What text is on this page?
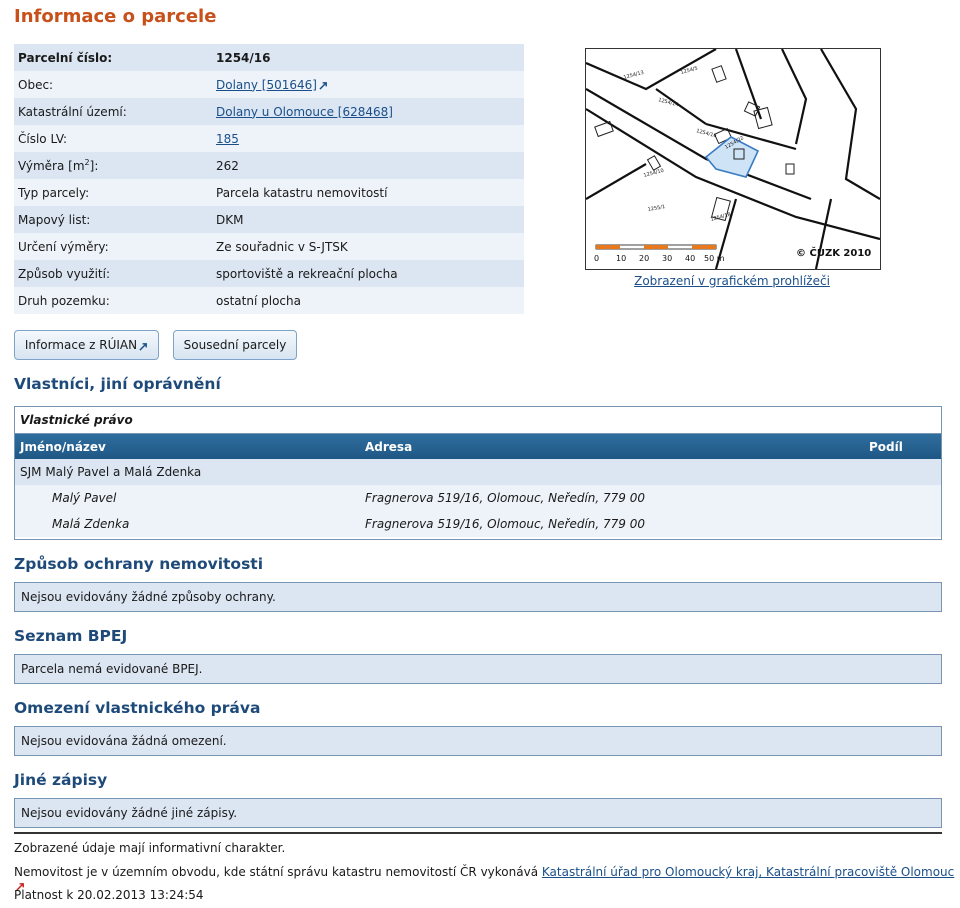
Informace o parcele
Parcelní číslo:	1254/16
Obec:	Dolany [501646]
Katastrální území:	Dolany u Olomouce [628468]
Číslo LV:	185
Výměra $[m^2]$:	262
Typ parcely:	Parcela katastru nemovitostí
Mapový list:	DKM
Určení výměry:	Ze souřadnic v S-JTSK
Způsob využití:	sportoviště a rekreační plocha
Druh pozemku:	ostatní plocha
1254/13	1254/5
1254/14
1254/16
1254/22
1254/10
1255/1
1254/18
© ČÚZK 2010
0 10 20 30 40 50 m
Zobrazení v grafickém prohlížeči
Informace z RÚIAN	Sousední parcely
Vlastníci, jiní oprávnění
Vlastnické právo
Jméno/název	Adresa	Podíl
SJM Malý Pavel a Malá Zdenka
Malý Pavel	Fragnerova 519/16, Olomouc, Neředín, 779 00
Malá Zdenka	Fragnerova 519/16, Olomouc, Neředín, 779 00
Způsob ochrany nemovitosti
Nejsou evidovány žádné způsoby ochrany.
Seznam BPEJ
Parcela nemá evidované BPEJ.
Omezení vlastnického práva
Nejsou evidována žádná omezení.
Jiné zápisy
Nejsou evidovány žádné jiné zápisy.
Zobrazené údaje mají informativní charakter.
Nemovitost je v územním obvodu, kde státní správu katastru nemovitostí ČR vykonává Katastrální úřad pro Olomoucký kraj, Katastrální pracoviště Olomouc
Platnost k 20.02.2013 13:24:54
